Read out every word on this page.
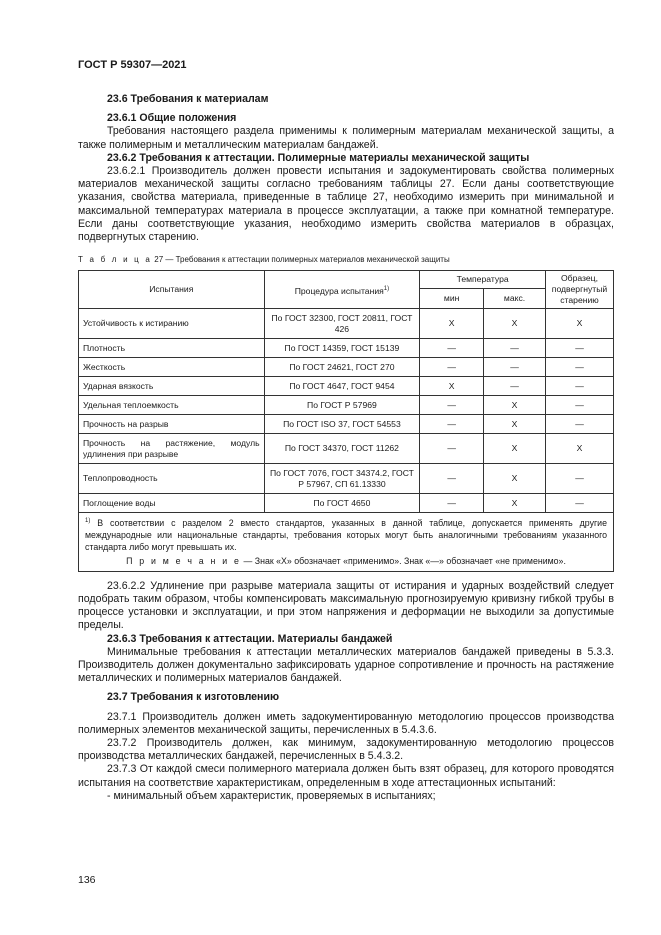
ГОСТ Р 59307—2021

23.6 Требования к материалам

23.6.1 Общие положения

Требования настоящего раздела применимы к полимерным материалам механической защиты, а также полимерным и металлическим материалам бандажей.

23.6.2 Требования к аттестации. Полимерные материалы механической защиты

23.6.2.1 Производитель должен провести испытания и задокументировать свойства полимерных материалов механической защиты согласно требованиям таблицы 27. Если даны соответствующие указания, свойства материала, приведенные в таблице 27, необходимо измерить при минимальной и максимальной температурах материала в процессе эксплуатации, а также при комнатной температуре. Если даны соответствующие указания, необходимо измерить свойства материалов в образцах, подвергнутых старению.

Т а б л и ц а 27 — Требования к аттестации полимерных материалов механической защиты
Испытания	Процедура испытания$^{1)}$	Температура		Образец, подвергнутый старению
		мин	макс.	
Устойчивость к истиранию	По ГОСТ 32300, ГОСТ 20811, ГОСТ 426	X	X	X
Плотность	По ГОСТ 14359, ГОСТ 15139	—	—	—
Жесткость	По ГОСТ 24621, ГОСТ 270	—	—	—
Ударная вязкость	По ГОСТ 4647, ГОСТ 9454	X	—	—
Удельная теплоемкость	По ГОСТ Р 57969	—	X	—
Прочность на разрыв	По ГОСТ ISO 37, ГОСТ 54553	—	X	—
Прочность на растяжение, модуль удлинения при разрыве	По ГОСТ 34370, ГОСТ 11262	—	X	X
Теплопроводность	По ГОСТ 7076, ГОСТ 34374.2, ГОСТ Р 57967, СП 61.13330	—	X	—
Поглощение воды	По ГОСТ 4650	—	X	—
$^{1)}$ В соответствии с разделом 2 вместо стандартов, указанных в данной таблице, допускается применять другие международные или национальные стандарты, требования которых могут быть аналогичными требованиям указанного стандарта либо могут превышать их.
П р и м е ч а н и е — Знак «X» обозначает «применимо». Знак «—» обозначает «не применимо».				

23.6.2.2 Удлинение при разрыве материала защиты от истирания и ударных воздействий следует подобрать таким образом, чтобы компенсировать максимальную прогнозируемую кривизну гибкой трубы в процессе установки и эксплуатации, и при этом напряжения и деформации не выходили за допустимые пределы.

23.6.3 Требования к аттестации. Материалы бандажей

Минимальные требования к аттестации металлических материалов бандажей приведены в 5.3.3. Производитель должен документально зафиксировать ударное сопротивление и прочность на растяжение металлических и полимерных материалов бандажей.

23.7 Требования к изготовлению

23.7.1 Производитель должен иметь задокументированную методологию процессов производства полимерных элементов механической защиты, перечисленных в 5.4.3.6.

23.7.2 Производитель должен, как минимум, задокументированную методологию процессов производства металлических бандажей, перечисленных в 5.4.3.2.

23.7.3 От каждой смеси полимерного материала должен быть взят образец, для которого проводятся испытания на соответствие характеристикам, определенным в ходе аттестационных испытаний:

- минимальный объем характеристик, проверяемых в испытаниях;

136
